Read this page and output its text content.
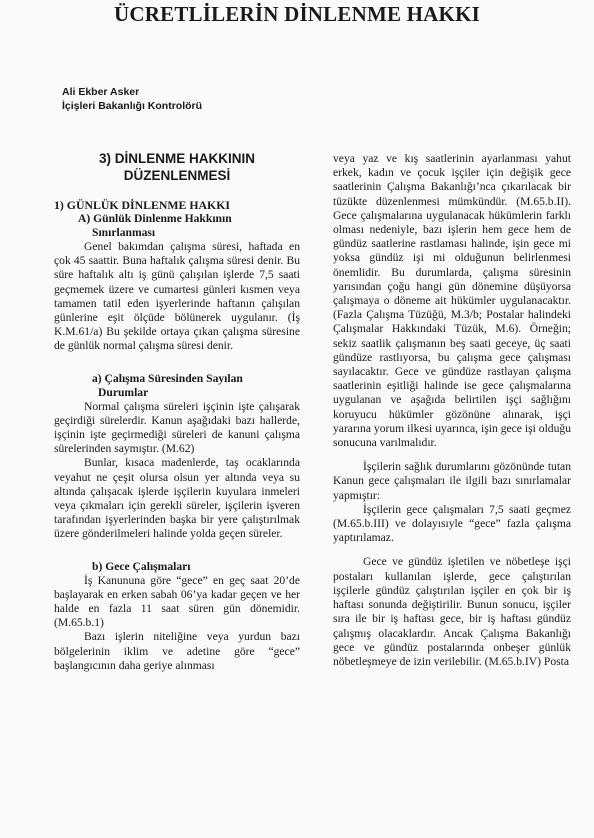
ÜCRETLİLERİN DİNLENME HAKKI
Ali Ekber Asker
İçişleri Bakanlığı Kontrolörü
3) DİNLENME HAKKININ
DÜZENLENMESİ
1) GÜNLÜK DİNLENME HAKKI
A) Günlük Dinlenme Hakkının
Sınırlanması

Genel bakımdan çalışma süresi, haftada en çok 45 saattir. Buna haftalık çalışma süresi denir. Bu süre haftalık altı iş günü çalışılan işlerde 7,5 saati geçmemek üzere ve cumartesi günleri kısmen veya tamamen tatil eden işyerlerinde haftanın çalışılan günlerine eşit ölçüde bölünerek uygulanır. (İş K.M.61/a) Bu şekilde ortaya çıkan çalışma süresine de günlük normal çalışma süresi denir.

a) Çalışma Süresinden Sayılan
Durumlar

Normal çalışma süreleri işçinin işte çalışarak geçirdiği sürelerdir. Kanun aşağıdaki bazı hallerde, işçinin işte geçirmediği süreleri de kanuni çalışma sürelerinden saymıştır. (M.62)

Bunlar, kısaca madenlerde, taş ocaklarında veyahut ne çeşit olursa olsun yer altında veya su altında çalışacak işlerde işçilerin kuyulara inmeleri veya çıkmaları için gerekli süreler, işçilerin işveren tarafından işyerlerinden başka bir yere çalıştırılmak üzere gönderilmeleri halinde yolda geçen süreler.

b) Gece Çalışmaları

İş Kanununa göre “gece” en geç saat 20’de başlayarak en erken sabah 06’ya kadar geçen ve her halde en fazla 11 saat süren gün dönemidir. (M.65.b.1)

Bazı işlerin niteliğine veya yurdun bazı bölgelerinin iklim ve adetine göre “gece” başlangıcının daha geriye alınması

veya yaz ve kış saatlerinin ayarlanması yahut erkek, kadın ve çocuk işçiler için değişik gece saatlerinin Çalışma Bakanlığı’nca çıkarılacak bir tüzükte düzenlenmesi mümkündür. (M.65.b.II). Gece çalışmalarına uygulanacak hükümlerin farklı olması nedeniyle, bazı işlerin hem gece hem de gündüz saatlerine rastlaması halinde, işin gece mi yoksa gündüz işi mi olduğunun belirlenmesi önemlidir. Bu durumlarda, çalışma süresinin yarısından çoğu hangi gün dönemine düşüyorsa çalışmaya o döneme ait hükümler uygulanacaktır. (Fazla Çalışma Tüzüğü, M.3/b; Postalar halindeki Çalışmalar Hakkındaki Tüzük, M.6). Örneğin; sekiz saatlik çalışmanın beş saati geceye, üç saati gündüze rastlıyorsa, bu çalışma gece çalışması sayılacaktır. Gece ve gündüze rastlayan çalışma saatlerinin eşitliği halinde ise gece çalışmalarına uygulanan ve aşağıda belirtilen işçi sağlığını koruyucu hükümler gözönüne alınarak, işçi yararına yorum ilkesi uyarınca, işin gece işi olduğu sonucuna varılmalıdır.

İşçilerin sağlık durumlarını gözönünde tutan Kanun gece çalışmaları ile ilgili bazı sınırlamalar yapmıştır:

İşçilerin gece çalışmaları 7,5 saati geçmez (M.65.b.III) ve dolayısıyle “gece” fazla çalışma yaptırılamaz.

Gece ve gündüz işletilen ve nöbetleşe işçi postaları kullanılan işlerde, gece çalıştırılan işçilerle gündüz çalıştırılan işçiler en çok bir iş haftası sonunda değiştirilir. Bunun sonucu, işçiler sıra ile bir iş haftası gece, bir iş haftası gündüz çalışmış olacaklardır. Ancak Çalışma Bakanlığı gece ve gündüz postalarında onbeşer günlük nöbetleşmeye de izin verilebilir. (M.65.b.IV) Posta
